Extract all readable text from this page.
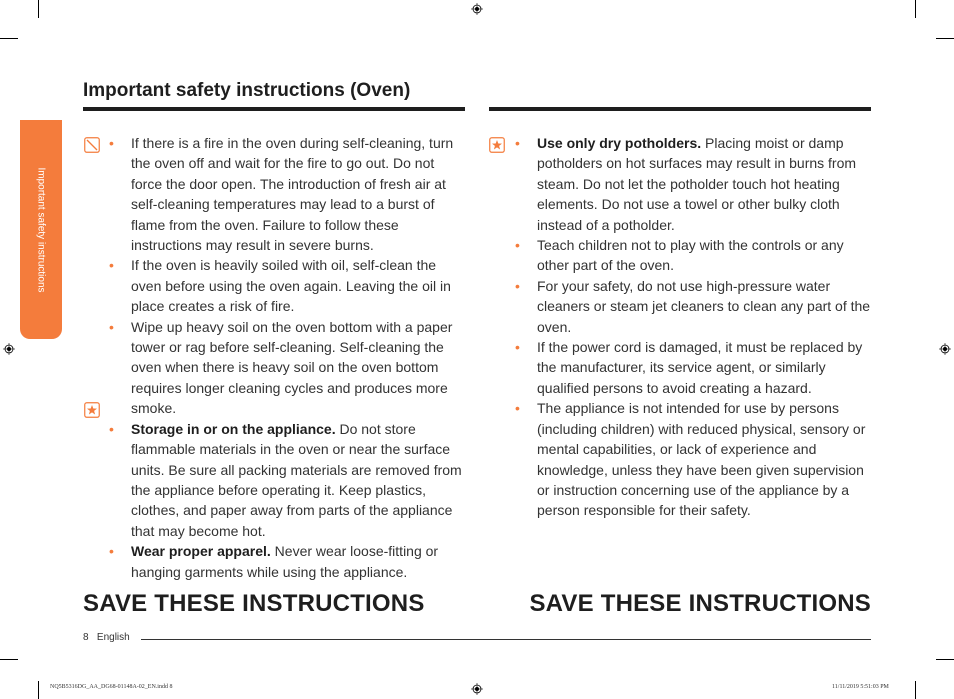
Important safety instructions
Important safety instructions (Oven)
• If there is a fire in the oven during self-cleaning, turn the oven off and wait for the fire to go out. Do not force the door open. The introduction of fresh air at self-cleaning temperatures may lead to a burst of flame from the oven. Failure to follow these instructions may result in severe burns.
• If the oven is heavily soiled with oil, self-clean the oven before using the oven again. Leaving the oil in place creates a risk of fire.
• Wipe up heavy soil on the oven bottom with a paper tower or rag before self-cleaning. Self-cleaning the oven when there is heavy soil on the oven bottom requires longer cleaning cycles and produces more smoke.
• Storage in or on the appliance. Do not store flammable materials in the oven or near the surface units. Be sure all packing materials are removed from the appliance before operating it. Keep plastics, clothes, and paper away from parts of the appliance that may become hot.
• Wear proper apparel. Never wear loose-fitting or hanging garments while using the appliance.
• Use only dry potholders. Placing moist or damp potholders on hot surfaces may result in burns from steam. Do not let the potholder touch hot heating elements. Do not use a towel or other bulky cloth instead of a potholder.
• Teach children not to play with the controls or any other part of the oven.
• For your safety, do not use high-pressure water cleaners or steam jet cleaners to clean any part of the oven.
• If the power cord is damaged, it must be replaced by the manufacturer, its service agent, or similarly qualified persons to avoid creating a hazard.
• The appliance is not intended for use by persons (including children) with reduced physical, sensory or mental capabilities, or lack of experience and knowledge, unless they have been given supervision or instruction concerning use of the appliance by a person responsible for their safety.
SAVE THESE INSTRUCTIONS	SAVE THESE INSTRUCTIONS
8 English
NQ5B5316DG_AA_DG68-01148A-02_EN.indd 8	11/11/2019 5:51:03 PM
